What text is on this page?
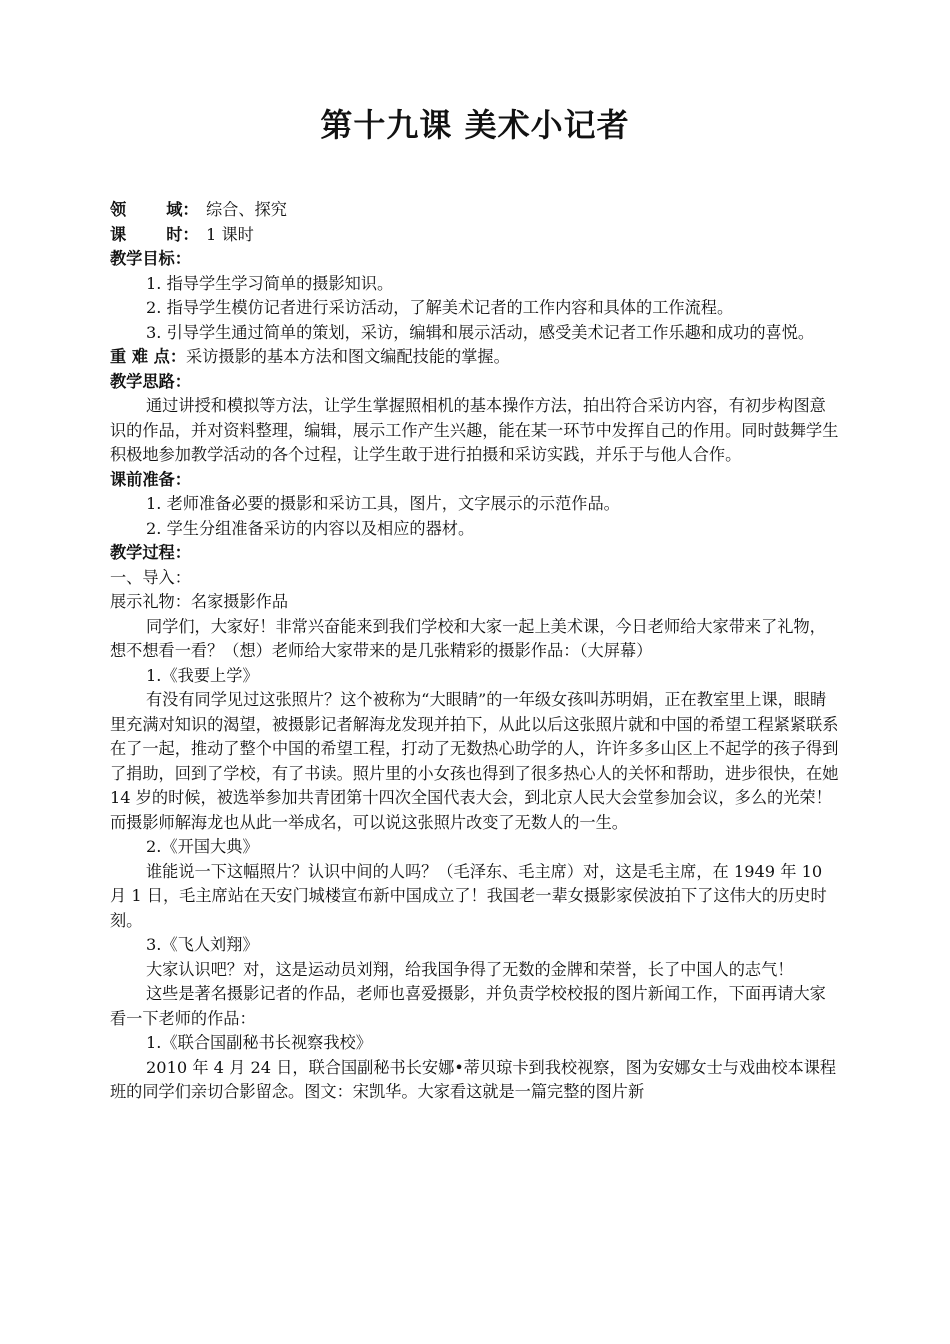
第十九课 美术小记者

领 域： 综合、探究

课 时： 1 课时

教学目标：

1. 指导学生学习简单的摄影知识。

2. 指导学生模仿记者进行采访活动，了解美术记者的工作内容和具体的工作流程。

3. 引导学生通过简单的策划，采访，编辑和展示活动，感受美术记者工作乐趣和成功的喜悦。

重 难 点：采访摄影的基本方法和图文编配技能的掌握。

教学思路：

通过讲授和模拟等方法，让学生掌握照相机的基本操作方法，拍出符合采访内容，有初步构图意识的作品，并对资料整理，编辑，展示工作产生兴趣，能在某一环节中发挥自己的作用。同时鼓舞学生积极地参加教学活动的各个过程，让学生敢于进行拍摄和采访实践，并乐于与他人合作。

课前准备：

1. 老师准备必要的摄影和采访工具，图片，文字展示的示范作品。

2. 学生分组准备采访的内容以及相应的器材。

教学过程：

一、导入：

展示礼物：名家摄影作品

同学们，大家好！非常兴奋能来到我们学校和大家一起上美术课，今日老师给大家带来了礼物，想不想看一看？（想）老师给大家带来的是几张精彩的摄影作品：（大屏幕）

1.《我要上学》

有没有同学见过这张照片？这个被称为“大眼睛”的一年级女孩叫苏明娟，正在教室里上课，眼睛里充满对知识的渴望，被摄影记者解海龙发现并拍下，从此以后这张照片就和中国的希望工程紧紧联系在了一起，推动了整个中国的希望工程，打动了无数热心助学的人，许许多多山区上不起学的孩子得到了捐助，回到了学校，有了书读。照片里的小女孩也得到了很多热心人的关怀和帮助，进步很快，在她 14 岁的时候，被选举参加共青团第十四次全国代表大会，到北京人民大会堂参加会议，多么的光荣！而摄影师解海龙也从此一举成名，可以说这张照片改变了无数人的一生。

2.《开国大典》

谁能说一下这幅照片？认识中间的人吗？（毛泽东、毛主席）对，这是毛主席，在 1949 年 10 月 1 日，毛主席站在天安门城楼宣布新中国成立了！我国老一辈女摄影家侯波拍下了这伟大的历史时刻。

3.《飞人刘翔》

大家认识吧？对，这是运动员刘翔，给我国争得了无数的金牌和荣誉，长了中国人的志气！

这些是著名摄影记者的作品，老师也喜爱摄影，并负责学校校报的图片新闻工作，下面再请大家看一下老师的作品：

1.《联合国副秘书长视察我校》

2010 年 4 月 24 日，联合国副秘书长安娜•蒂贝琼卡到我校视察，图为安娜女士与戏曲校本课程班的同学们亲切合影留念。图文：宋凯华。大家看这就是一篇完整的图片新
